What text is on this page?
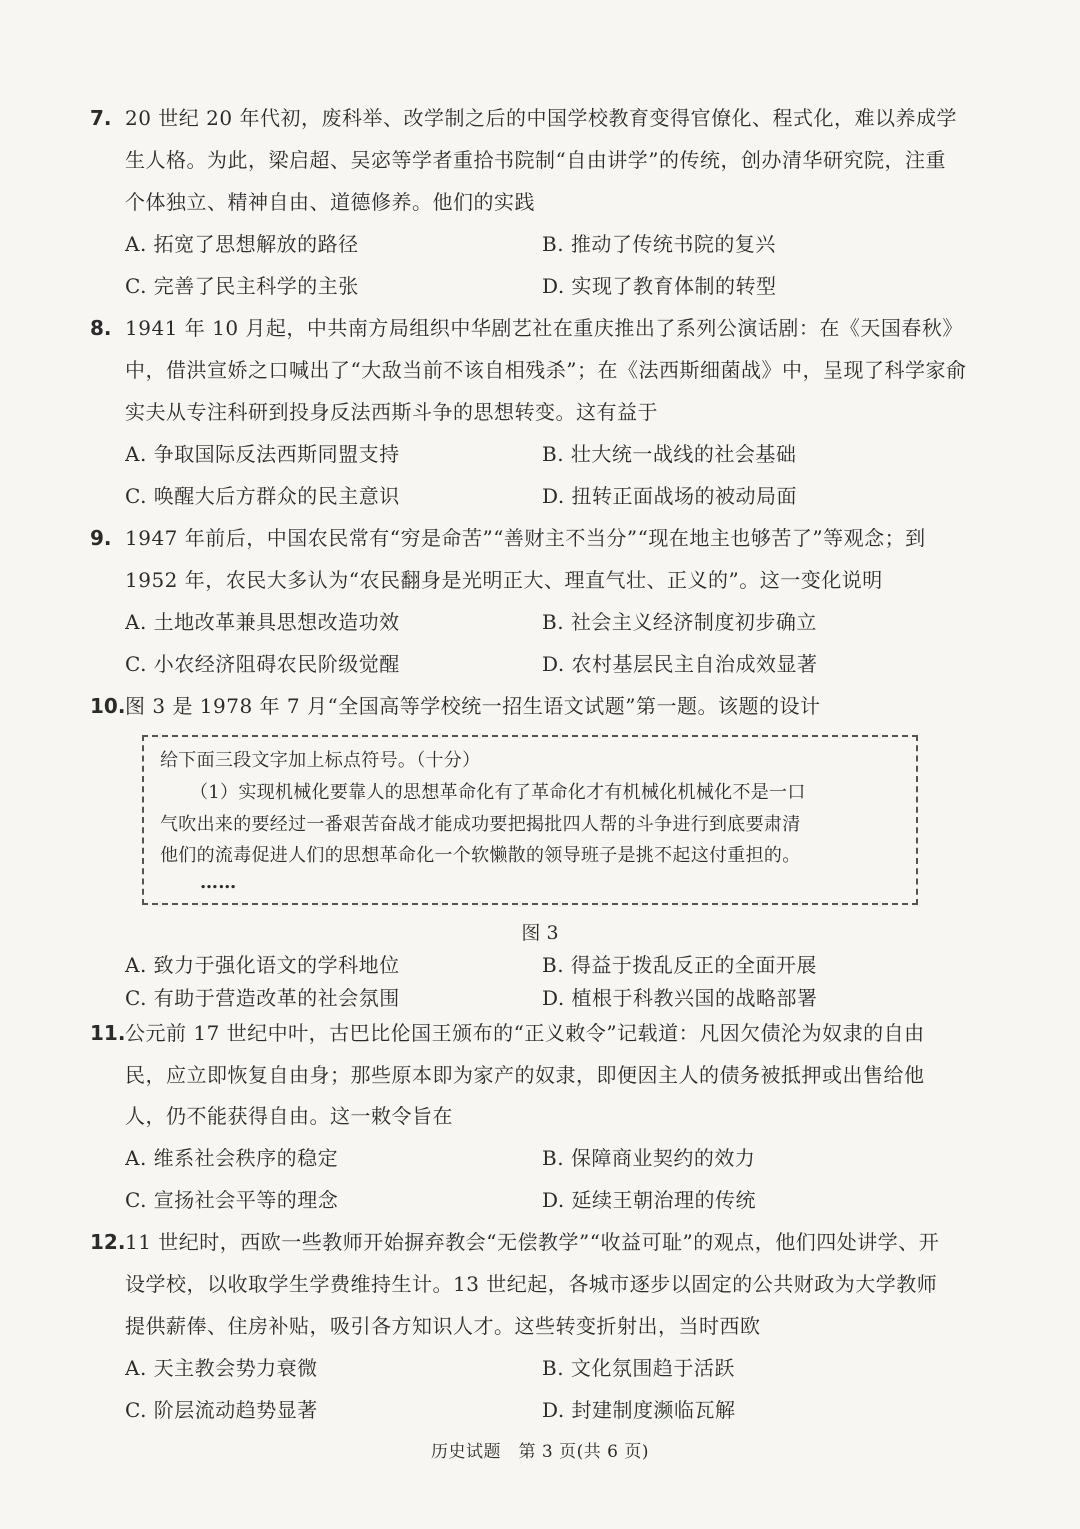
7. 20 世纪 20 年代初，废科举、改学制之后的中国学校教育变得官僚化、程式化，难以养成学
生人格。为此，梁启超、吴宓等学者重拾书院制“自由讲学”的传统，创办清华研究院，注重
个体独立、精神自由、道德修养。他们的实践
A. 拓宽了思想解放的路径	B. 推动了传统书院的复兴
C. 完善了民主科学的主张	D. 实现了教育体制的转型
8. 1941 年 10 月起，中共南方局组织中华剧艺社在重庆推出了系列公演话剧：在《天国春秋》
中，借洪宣娇之口喊出了“大敌当前不该自相残杀”；在《法西斯细菌战》中，呈现了科学家俞
实夫从专注科研到投身反法西斯斗争的思想转变。这有益于
A. 争取国际反法西斯同盟支持	B. 壮大统一战线的社会基础
C. 唤醒大后方群众的民主意识	D. 扭转正面战场的被动局面
9. 1947 年前后，中国农民常有“穷是命苦”“善财主不当分”“现在地主也够苦了”等观念；到
1952 年，农民大多认为“农民翻身是光明正大、理直气壮、正义的”。这一变化说明
A. 土地改革兼具思想改造功效	B. 社会主义经济制度初步确立
C. 小农经济阻碍农民阶级觉醒	D. 农村基层民主自治成效显著
10. 图 3 是 1978 年 7 月“全国高等学校统一招生语文试题”第一题。该题的设计
给下面三段文字加上标点符号。（十分）
（1）实现机械化要靠人的思想革命化有了革命化才有机械化机械化不是一口
气吹出来的要经过一番艰苦奋战才能成功要把揭批四人帮的斗争进行到底要肃清
他们的流毒促进人们的思想革命化一个软懒散的领导班子是挑不起这付重担的。
……
图 3
A. 致力于强化语文的学科地位	B. 得益于拨乱反正的全面开展
C. 有助于营造改革的社会氛围	D. 植根于科教兴国的战略部署
11. 公元前 17 世纪中叶，古巴比伦国王颁布的“正义敕令”记载道：凡因欠债沦为奴隶的自由
民，应立即恢复自由身；那些原本即为家产的奴隶，即便因主人的债务被抵押或出售给他
人，仍不能获得自由。这一敕令旨在
A. 维系社会秩序的稳定	B. 保障商业契约的效力
C. 宣扬社会平等的理念	D. 延续王朝治理的传统
12. 11 世纪时，西欧一些教师开始摒弃教会“无偿教学”“收益可耻”的观点，他们四处讲学、开
设学校，以收取学生学费维持生计。13 世纪起，各城市逐步以固定的公共财政为大学教师
提供薪俸、住房补贴，吸引各方知识人才。这些转变折射出，当时西欧
A. 天主教会势力衰微	B. 文化氛围趋于活跃
C. 阶层流动趋势显著	D. 封建制度濒临瓦解
历史试题　第 3 页(共 6 页)
